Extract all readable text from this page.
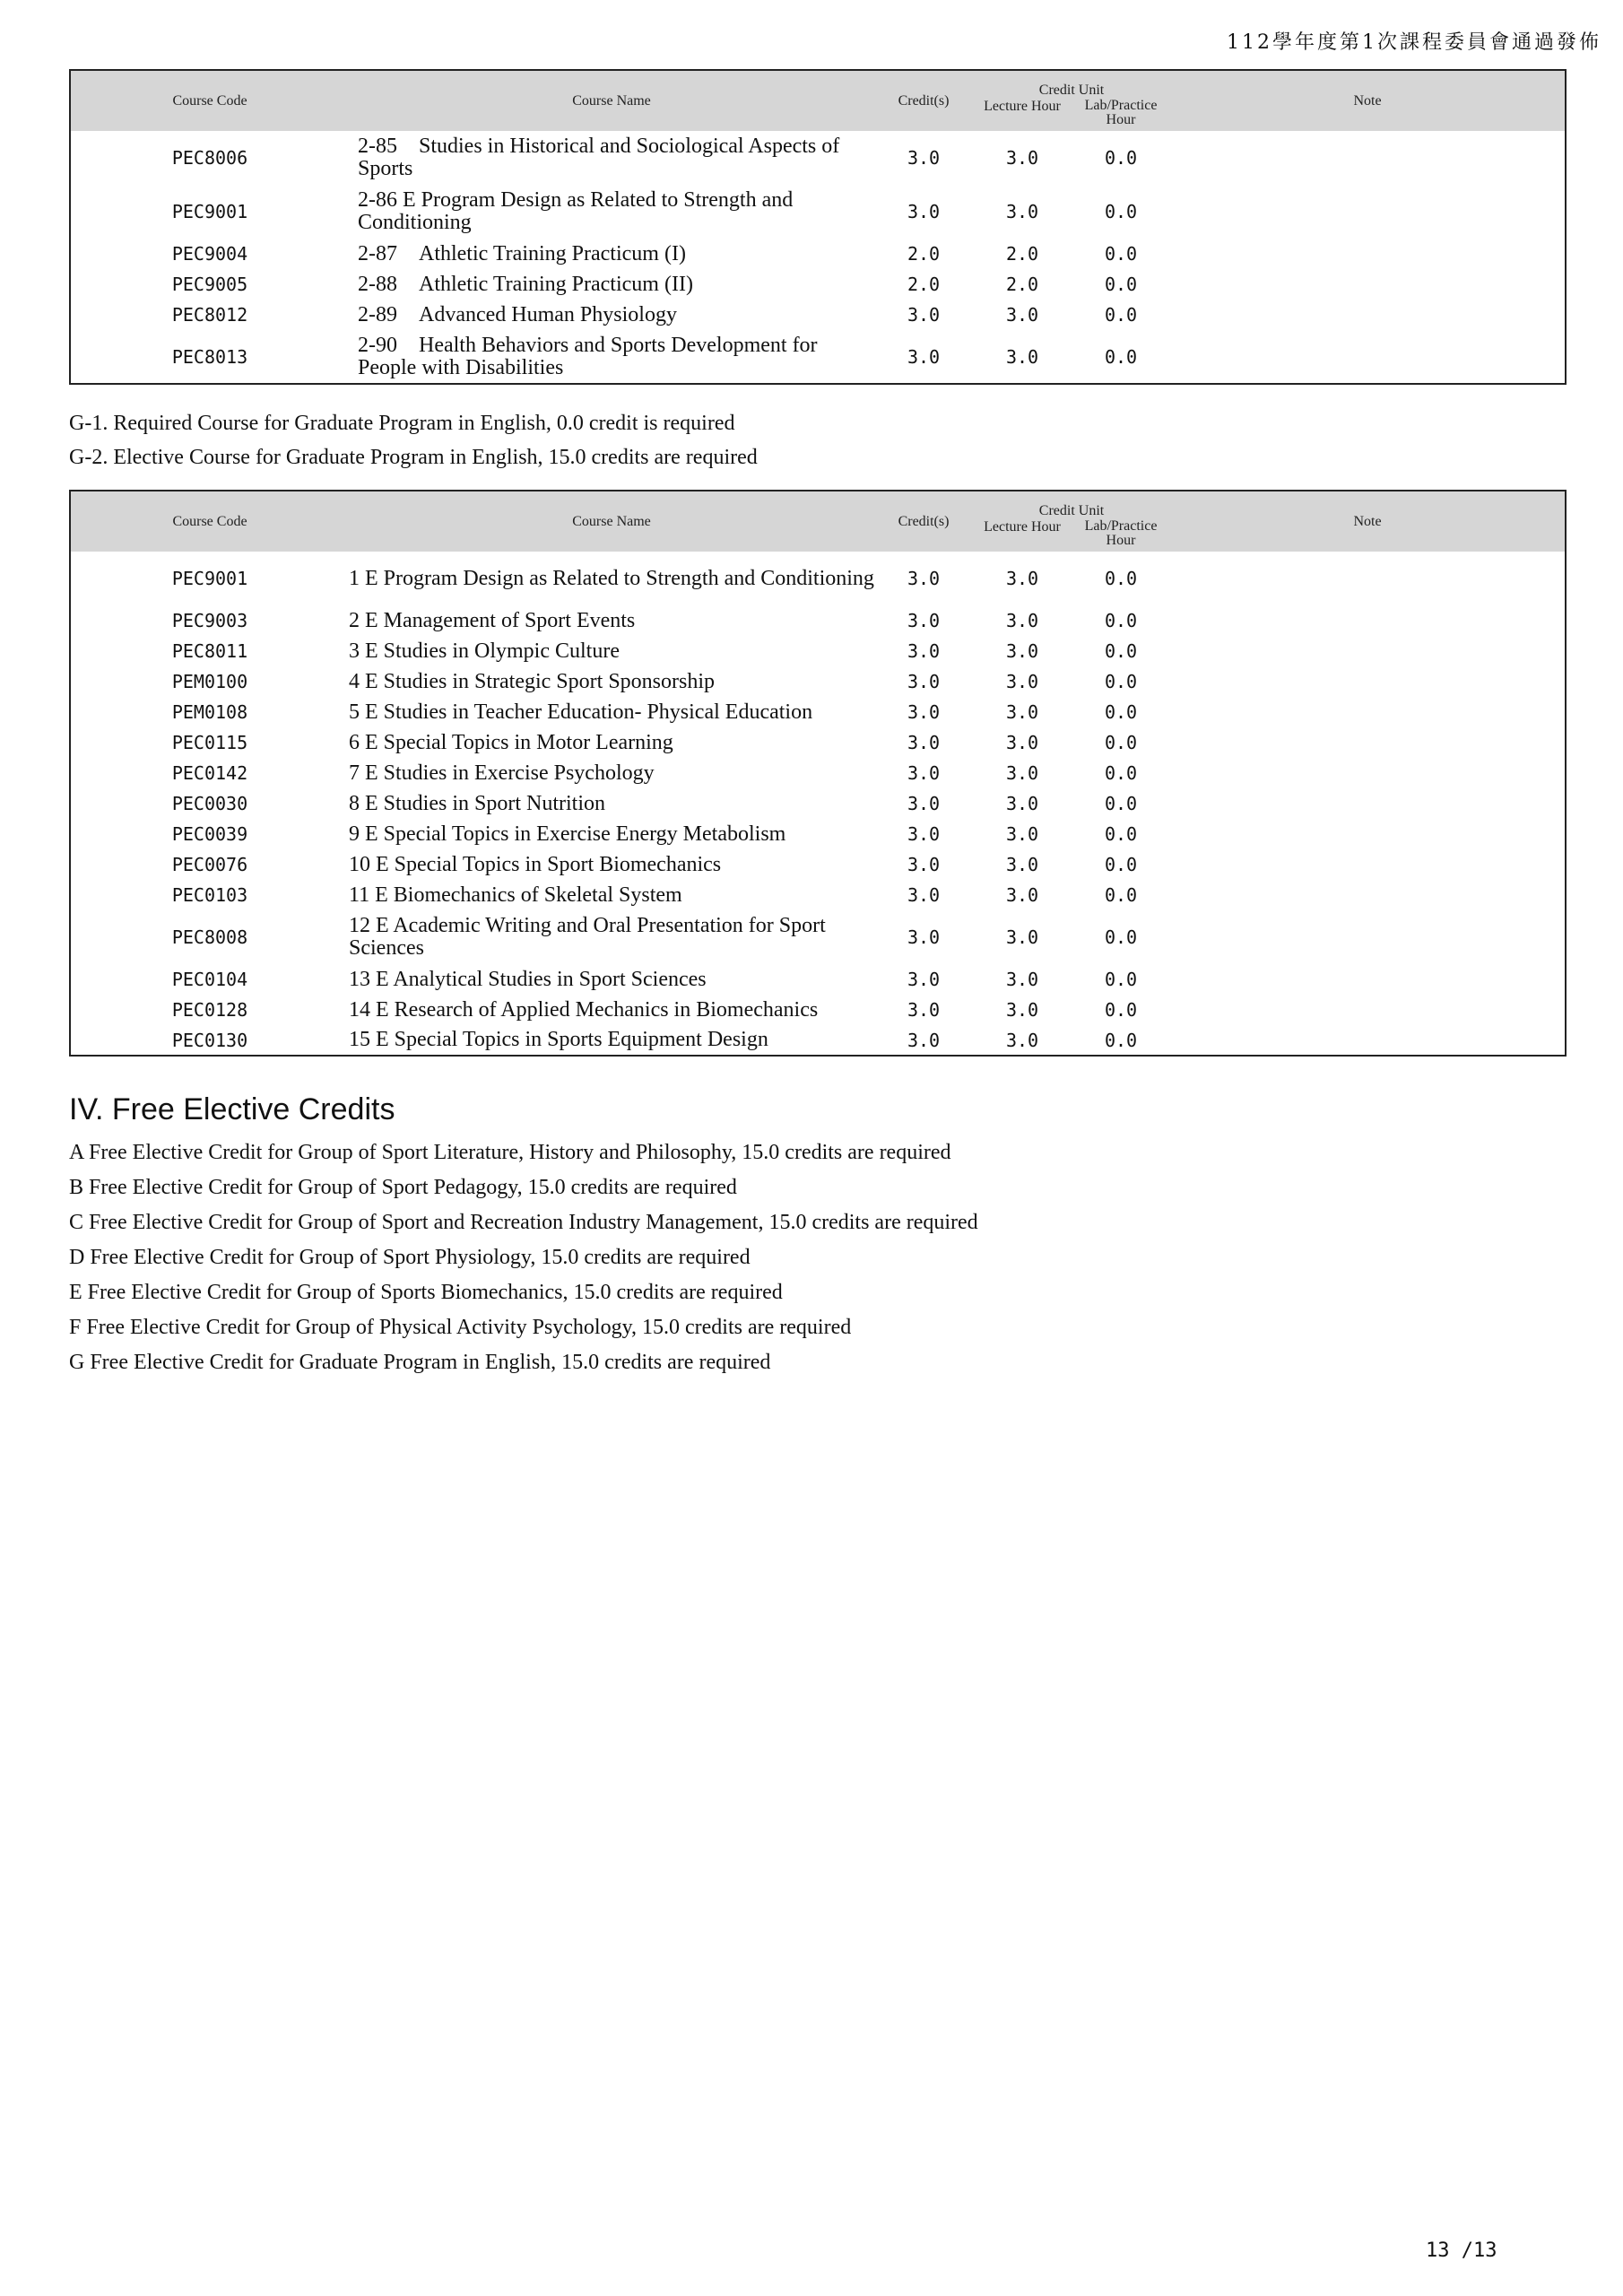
112學年度第1次課程委員會通過發佈
Course Code	Course Name	Credit(s)	Credit Unit		Note
			Lecture Hour	Lab/Practice Hour	
PEC8006	2-85　Studies in Historical and Sociological Aspects of Sports	3.0	3.0	0.0	
PEC9001	2-86 E Program Design as Related to Strength and Conditioning	3.0	3.0	0.0	
PEC9004	2-87　Athletic Training Practicum (I)	2.0	2.0	0.0	
PEC9005	2-88　Athletic Training Practicum (II)	2.0	2.0	0.0	
PEC8012	2-89　Advanced Human Physiology	3.0	3.0	0.0	
PEC8013	2-90　Health Behaviors and Sports Development for People with Disabilities	3.0	3.0	0.0	
G-1. Required Course for Graduate Program in English, 0.0 credit is required
G-2. Elective Course for Graduate Program in English, 15.0 credits are required
Course Code	Course Name	Credit(s)	Credit Unit		Note
			Lecture Hour	Lab/Practice Hour	
PEC9001	1 E Program Design as Related to Strength and Conditioning	3.0	3.0	0.0	
PEC9003	2 E Management of Sport Events	3.0	3.0	0.0	
PEC8011	3 E Studies in Olympic Culture	3.0	3.0	0.0	
PEM0100	4 E Studies in Strategic Sport Sponsorship	3.0	3.0	0.0	
PEM0108	5 E Studies in Teacher Education- Physical Education	3.0	3.0	0.0	
PEC0115	6 E Special Topics in Motor Learning	3.0	3.0	0.0	
PEC0142	7 E Studies in Exercise Psychology	3.0	3.0	0.0	
PEC0030	8 E Studies in Sport Nutrition	3.0	3.0	0.0	
PEC0039	9 E Special Topics in Exercise Energy Metabolism	3.0	3.0	0.0	
PEC0076	10 E Special Topics in Sport Biomechanics	3.0	3.0	0.0	
PEC0103	11 E Biomechanics of Skeletal System	3.0	3.0	0.0	
PEC8008	12 E Academic Writing and Oral Presentation for Sport Sciences	3.0	3.0	0.0	
PEC0104	13 E Analytical Studies in Sport Sciences	3.0	3.0	0.0	
PEC0128	14 E Research of Applied Mechanics in Biomechanics	3.0	3.0	0.0	
PEC0130	15 E Special Topics in Sports Equipment Design	3.0	3.0	0.0	
IV. Free Elective Credits
A Free Elective Credit for Group of Sport Literature, History and Philosophy, 15.0 credits are required
B Free Elective Credit for Group of Sport Pedagogy, 15.0 credits are required
C Free Elective Credit for Group of Sport and Recreation Industry Management, 15.0 credits are required
D Free Elective Credit for Group of Sport Physiology, 15.0 credits are required
E Free Elective Credit for Group of Sports Biomechanics, 15.0 credits are required
F Free Elective Credit for Group of Physical Activity Psychology, 15.0 credits are required
G Free Elective Credit for Graduate Program in English, 15.0 credits are required
13 /13
